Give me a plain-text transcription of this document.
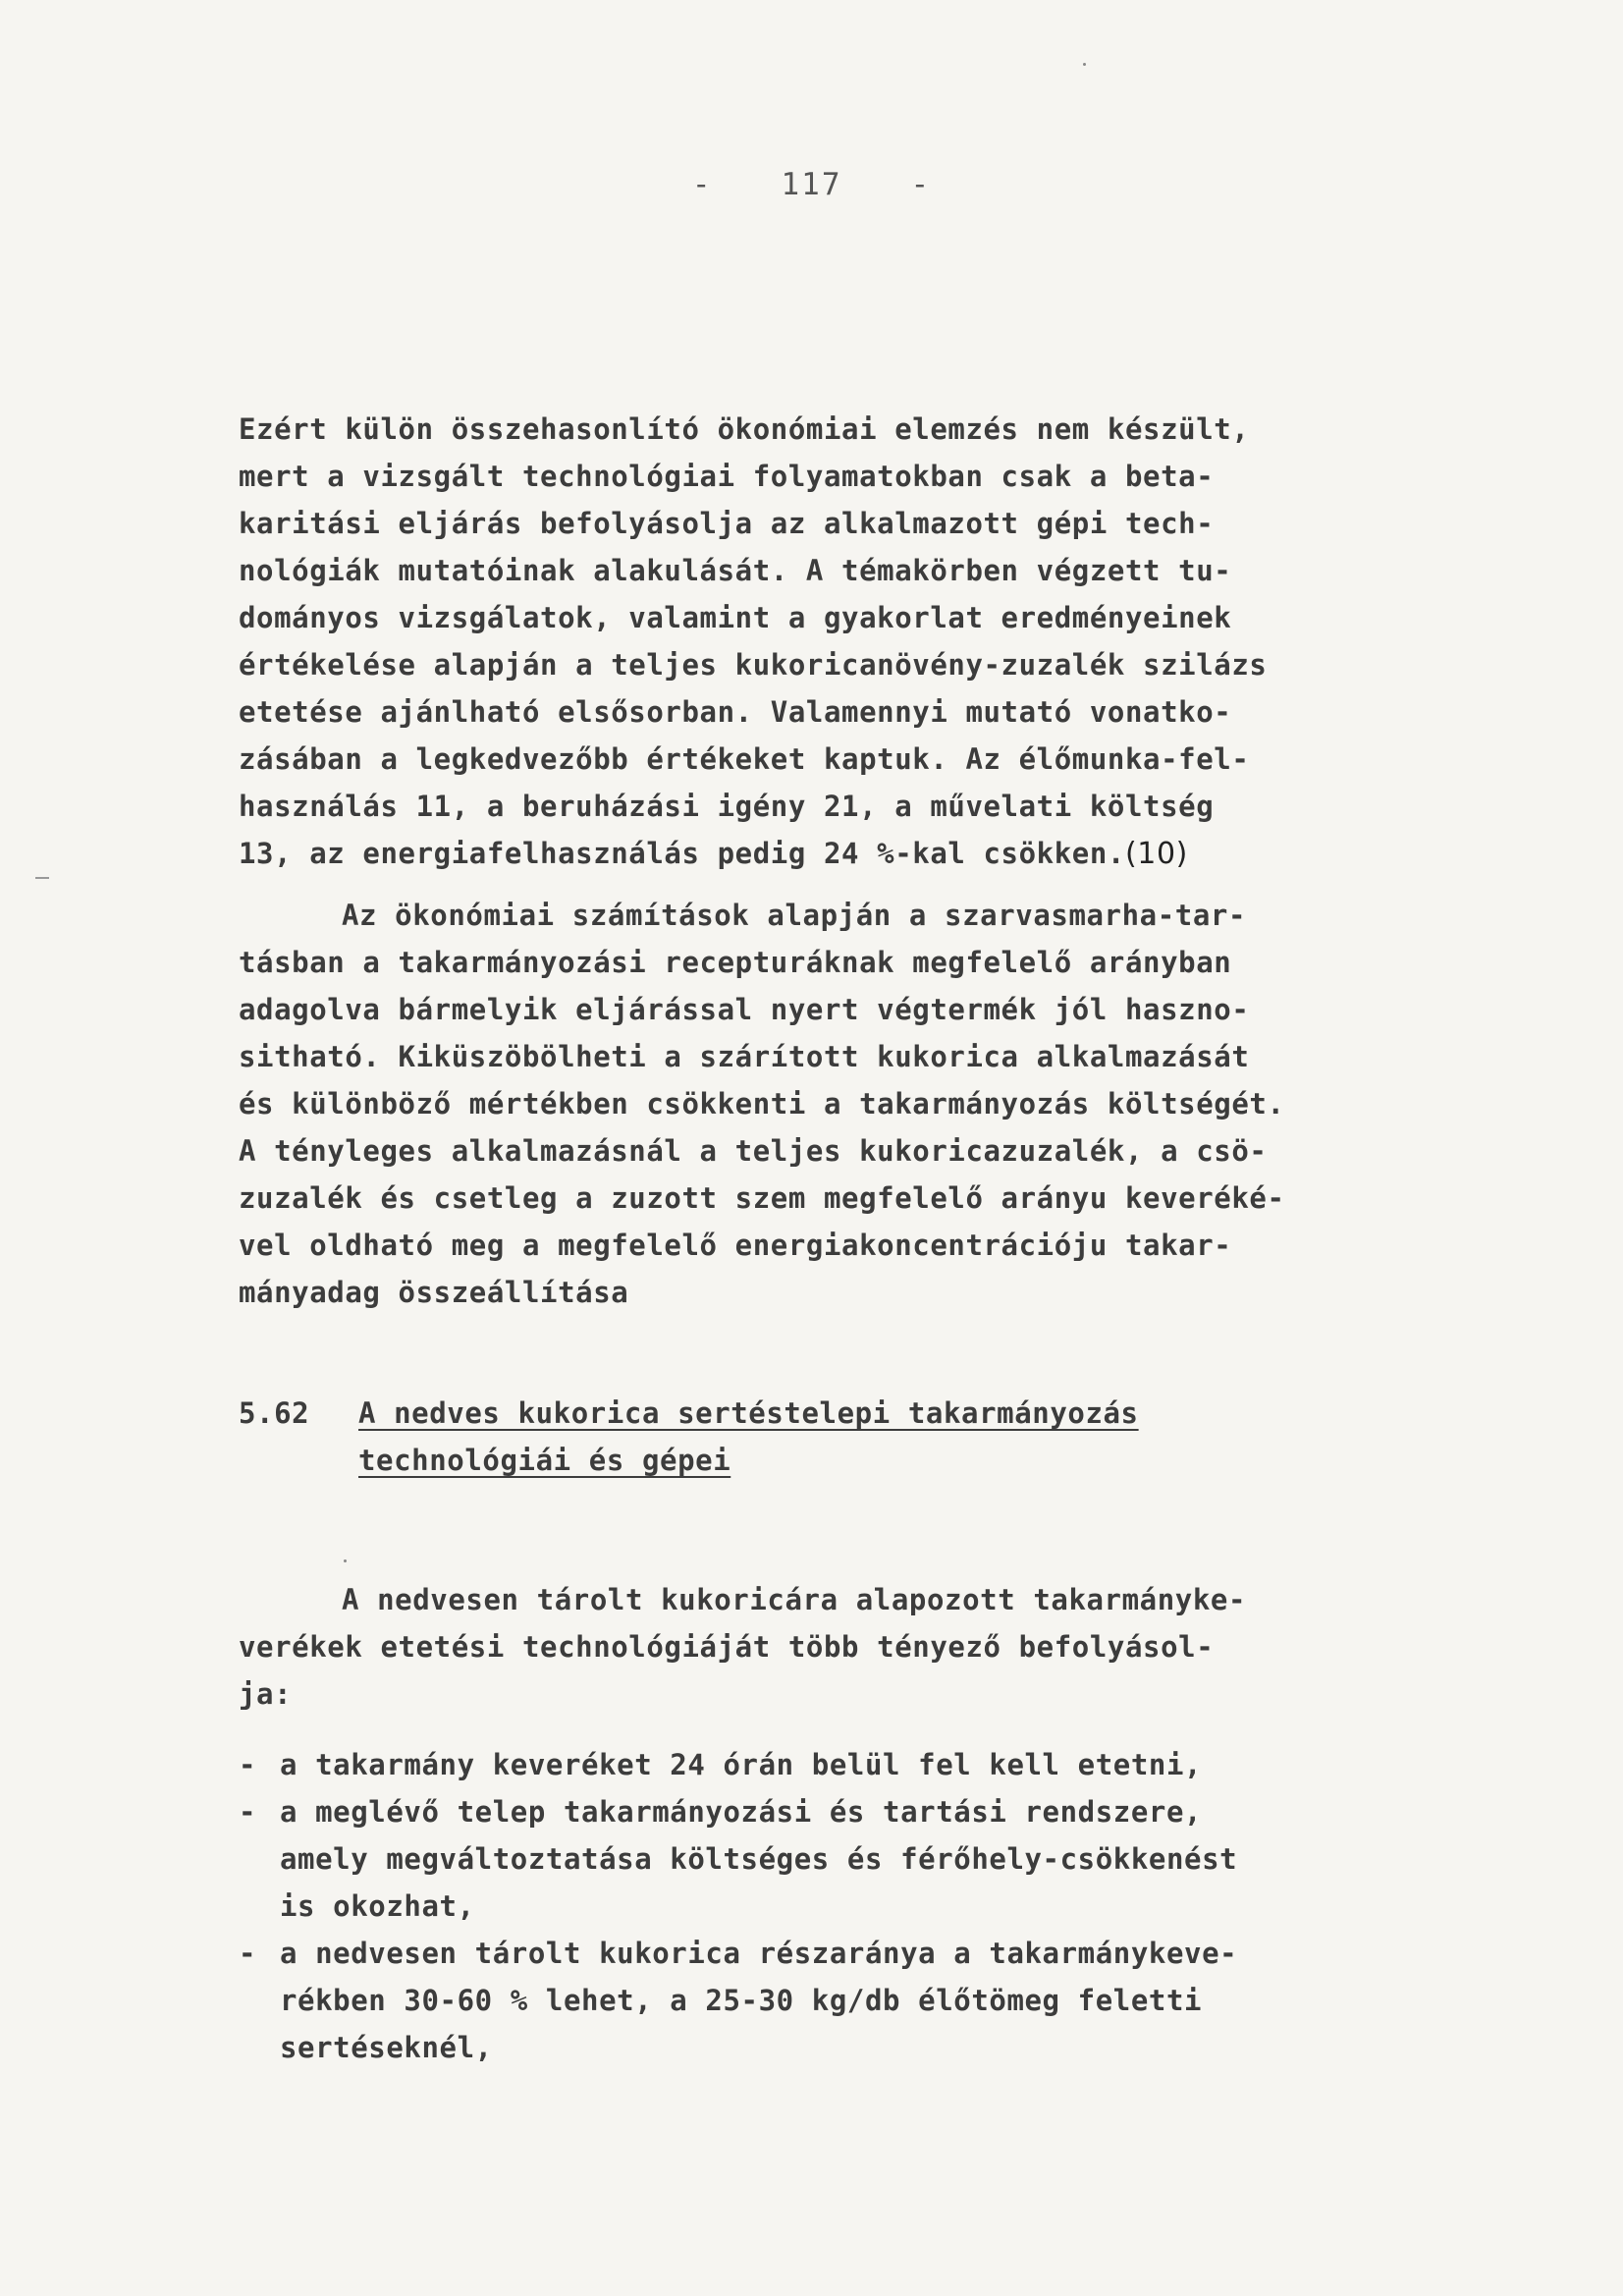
- 117 -
Ezért külön összehasonlító ökonómiai elemzés nem készült,
mert a vizsgált technológiai folyamatokban csak a beta-
karitási eljárás befolyásolja az alkalmazott gépi tech-
nológiák mutatóinak alakulását. A témakörben végzett tu-
dományos vizsgálatok, valamint a gyakorlat eredményeinek
értékelése alapján a teljes kukoricanövény-zuzalék szilázs
etetése ajánlható elsősorban. Valamennyi mutató vonatko-
zásában a legkedvezőbb értékeket kaptuk. Az élőmunka-fel-
használás 11, a beruházási igény 21, a művelati költség
13, az energiafelhasználás pedig 24 %-kal csökken.(10)
Az ökonómiai számítások alapján a szarvasmarha-tar-
tásban a takarmányozási recepturáknak megfelelő arányban
adagolva bármelyik eljárással nyert végtermék jól haszno-
sitható. Kiküszöbölheti a szárított kukorica alkalmazását
és különböző mértékben csökkenti a takarmányozás költségét.
A tényleges alkalmazásnál a teljes kukoricazuzalék, a csö-
zuzalék és csetleg a zuzott szem megfelelő arányu keveréké-
vel oldható meg a megfelelő energiakoncentrációju takar-
mányadag összeállítása
5.62 A nedves kukorica sertéstelepi takarmányozás
technológiái és gépei
A nedvesen tárolt kukoricára alapozott takarmányke-
verékek etetési technológiáját több tényező befolyásol-
ja:
- a takarmány keveréket 24 órán belül fel kell etetni,
- a meglévő telep takarmányozási és tartási rendszere,
amely megváltoztatása költséges és férőhely-csökkenést
is okozhat,
- a nedvesen tárolt kukorica részaránya a takarmánykeve-
rékben 30-60 % lehet, a 25-30 kg/db élőtömeg feletti
sertéseknél,
